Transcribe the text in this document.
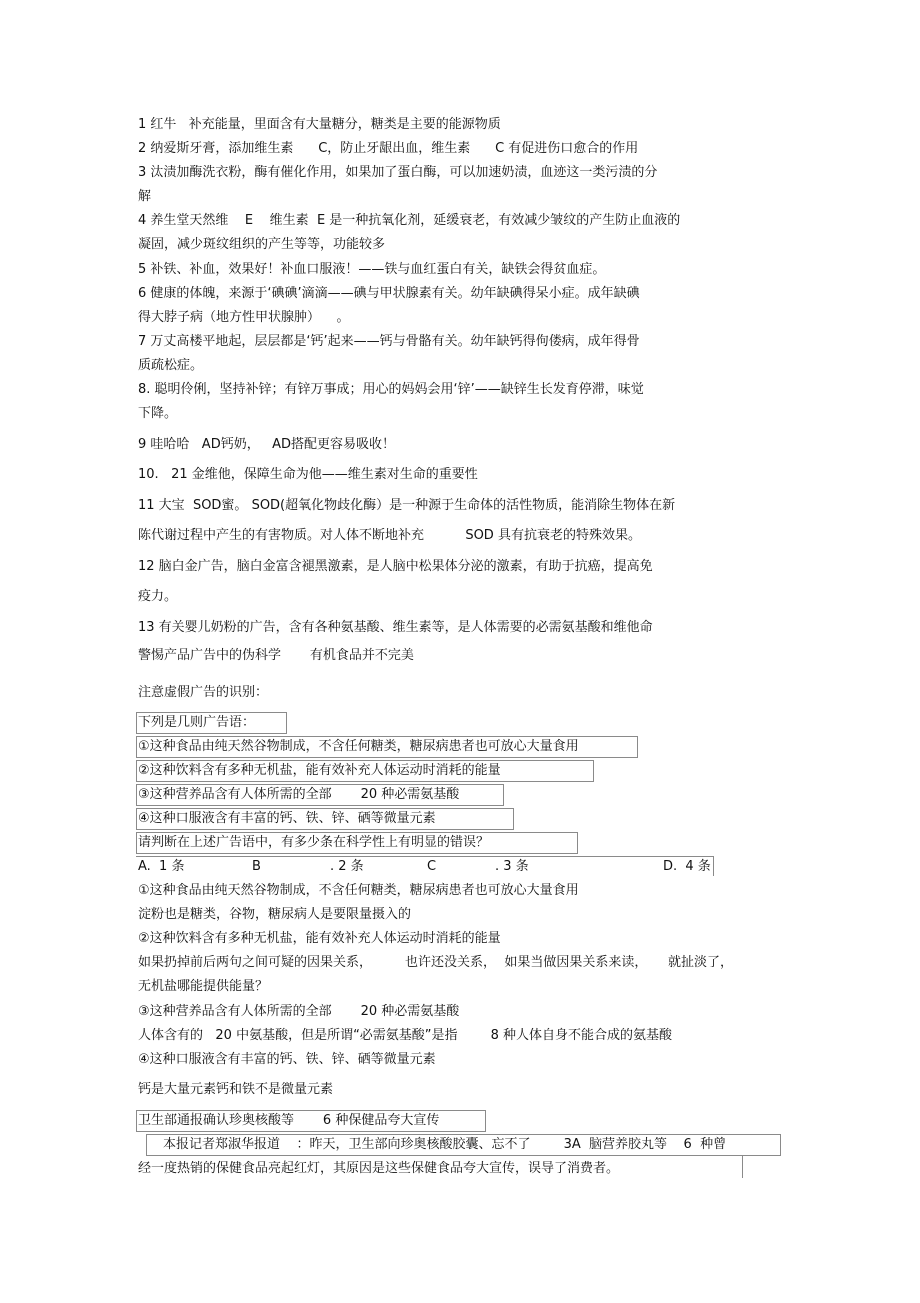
1 红牛   补充能量，里面含有大量糖分，糖类是主要的能源物质

2 纳爱斯牙膏，添加维生素      C，防止牙龈出血，维生素      C 有促进伤口愈合的作用

3 汰渍加酶洗衣粉，酶有催化作用，如果加了蛋白酶，可以加速奶渍，血迹这一类污渍的分

解

4 养生堂天然维    E    维生素  E 是一种抗氧化剂，延缓衰老，有效减少皱纹的产生防止血液的

凝固，减少斑纹组织的产生等等，功能较多

5 补铁、补血，效果好！补血口服液！——铁与血红蛋白有关，缺铁会得贫血症。

6 健康的体魄，来源于‘碘碘’滴滴——碘与甲状腺素有关。幼年缺碘得呆小症。成年缺碘

得大脖子病（地方性甲状腺肿）    。

7 万丈高楼平地起，层层都是‘钙’起来——钙与骨骼有关。幼年缺钙得佝偻病，成年得骨

质疏松症。

8. 聪明伶俐，坚持补锌；有锌万事成；用心的妈妈会用‘锌’——缺锌生长发育停滞，味觉

下降。

9 哇哈哈   AD钙奶，   AD搭配更容易吸收！

10.   21 金维他，保障生命为他——维生素对生命的重要性

11 大宝  SOD蜜。 SOD(超氧化物歧化酶）是一种源于生命体的活性物质，能消除生物体在新

陈代谢过程中产生的有害物质。对人体不断地补充          SOD 具有抗衰老的特殊效果。

12 脑白金广告，脑白金富含褪黑激素，是人脑中松果体分泌的激素，有助于抗癌，提高免

疫力。

13 有关婴儿奶粉的广告，含有各种氨基酸、维生素等，是人体需要的必需氨基酸和维他命

警惕产品广告中的伪科学       有机食品并不完美

注意虚假广告的识别：

下列是几则广告语：

①这种食品由纯天然谷物制成，不含任何糖类，糖尿病患者也可放心大量食用

②这种饮料含有多种无机盐，能有效补充人体运动时消耗的能量

③这种营养品含有人体所需的全部       20 种必需氨基酸

④这种口服液含有丰富的钙、铁、锌、硒等微量元素

请判断在上述广告语中，有多少条在科学性上有明显的错误？

A.  1 条	B	. 2 条	C	. 3 条	D.  4 条

①这种食品由纯天然谷物制成，不含任何糖类，糖尿病患者也可放心大量食用

淀粉也是糖类，谷物，糖尿病人是要限量摄入的

②这种饮料含有多种无机盐，能有效补充人体运动时消耗的能量

如果扔掉前后两句之间可疑的因果关系，        也许还没关系，  如果当做因果关系来读，     就扯淡了，

无机盐哪能提供能量？

③这种营养品含有人体所需的全部       20 种必需氨基酸

人体含有的   20 中氨基酸，但是所谓“必需氨基酸”是指        8 种人体自身不能合成的氨基酸

④这种口服液含有丰富的钙、铁、锌、硒等微量元素

钙是大量元素钙和铁不是微量元素

卫生部通报确认珍奥核酸等       6 种保健品夸大宣传

本报记者郑淑华报道    ：昨天，卫生部向珍奥核酸胶囊、忘不了        3A  脑营养胶丸等    6  种曾

经一度热销的保健食品亮起红灯，其原因是这些保健食品夸大宣传，误导了消费者。
